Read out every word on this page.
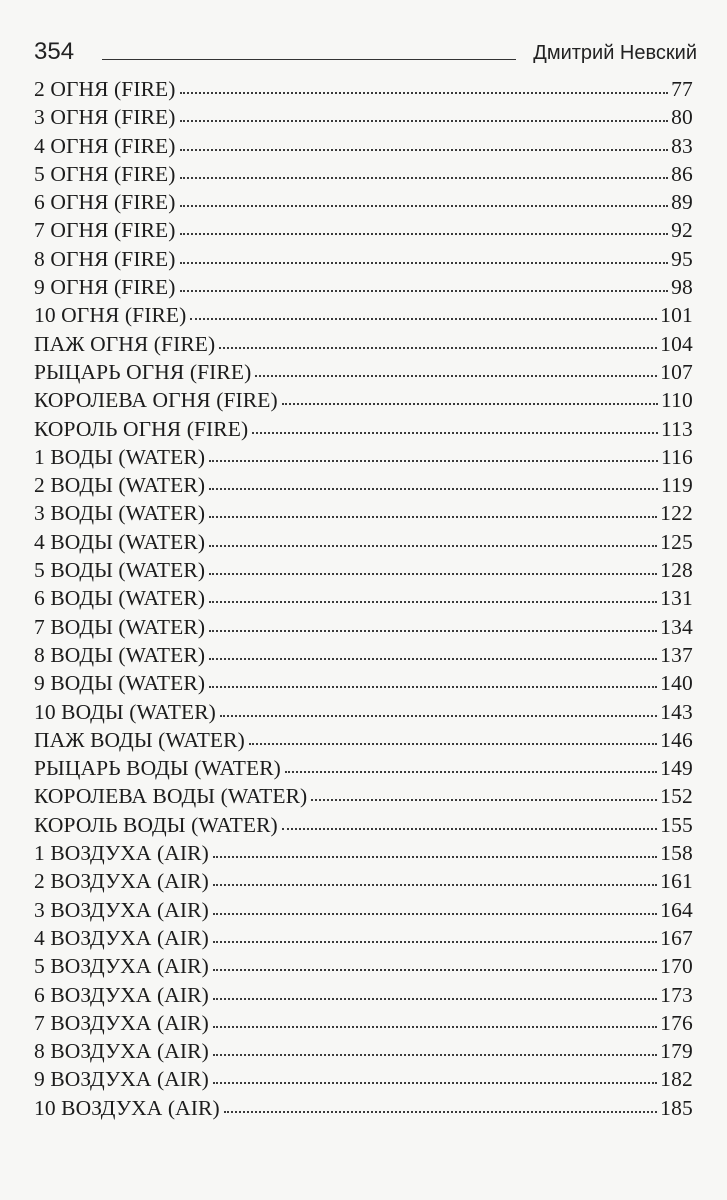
354	Дмитрий Невский
2 ОГНЯ (FIRE)	77
3 ОГНЯ (FIRE)	80
4 ОГНЯ (FIRE)	83
5 ОГНЯ (FIRE)	86
6 ОГНЯ (FIRE)	89
7 ОГНЯ (FIRE)	92
8 ОГНЯ (FIRE)	95
9 ОГНЯ (FIRE)	98
10 ОГНЯ (FIRE)	101
ПАЖ ОГНЯ (FIRE)	104
РЫЦАРЬ ОГНЯ (FIRE)	107
КОРОЛЕВА ОГНЯ (FIRE)	110
КОРОЛЬ ОГНЯ (FIRE)	113
1 ВОДЫ (WATER)	116
2 ВОДЫ (WATER)	119
3 ВОДЫ (WATER)	122
4 ВОДЫ (WATER)	125
5 ВОДЫ (WATER)	128
6 ВОДЫ (WATER)	131
7 ВОДЫ (WATER)	134
8 ВОДЫ (WATER)	137
9 ВОДЫ (WATER)	140
10 ВОДЫ (WATER)	143
ПАЖ ВОДЫ (WATER)	146
РЫЦАРЬ ВОДЫ (WATER)	149
КОРОЛЕВА ВОДЫ (WATER)	152
КОРОЛЬ ВОДЫ (WATER)	155
1 ВОЗДУХА (AIR)	158
2 ВОЗДУХА (AIR)	161
3 ВОЗДУХА (AIR)	164
4 ВОЗДУХА (AIR)	167
5 ВОЗДУХА (AIR)	170
6 ВОЗДУХА (AIR)	173
7 ВОЗДУХА (AIR)	176
8 ВОЗДУХА (AIR)	179
9 ВОЗДУХА (AIR)	182
10 ВОЗДУХА (AIR)	185
